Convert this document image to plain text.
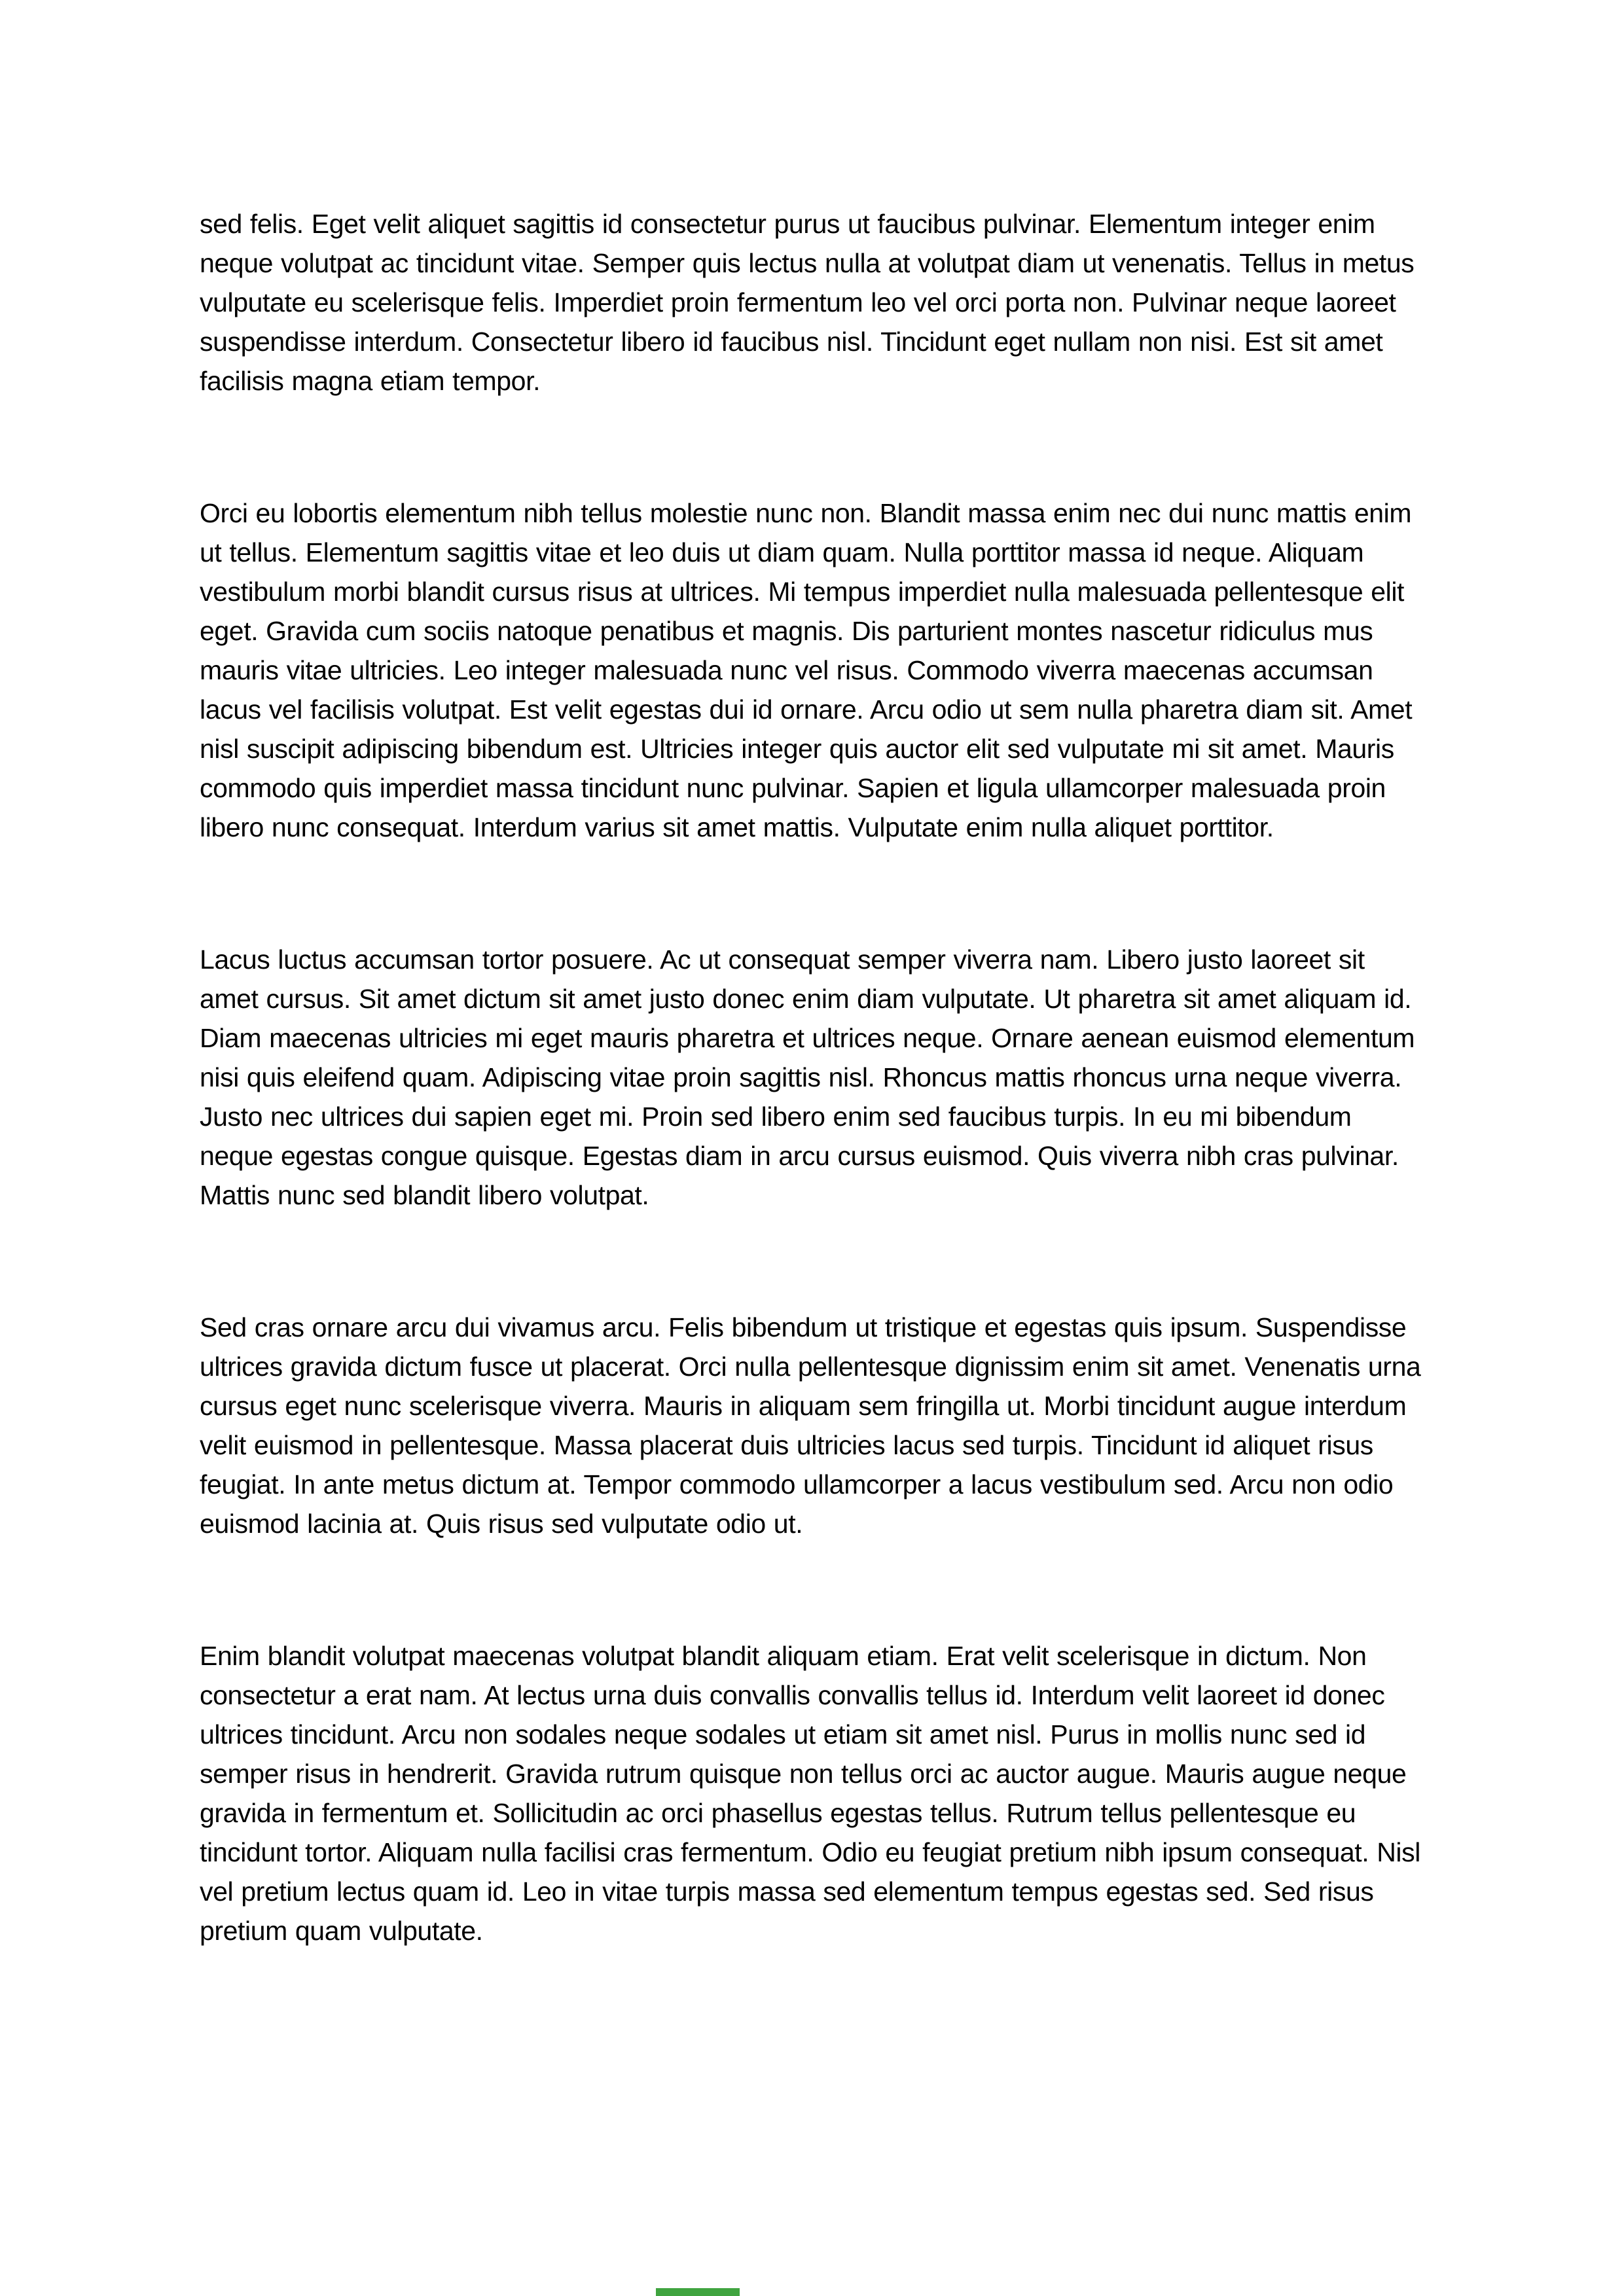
sed felis. Eget velit aliquet sagittis id consectetur purus ut faucibus pulvinar. Elementum integer enim neque volutpat ac tincidunt vitae. Semper quis lectus nulla at volutpat diam ut venenatis. Tellus in metus vulputate eu scelerisque felis. Imperdiet proin fermentum leo vel orci porta non. Pulvinar neque laoreet suspendisse interdum. Consectetur libero id faucibus nisl. Tincidunt eget nullam non nisi. Est sit amet facilisis magna etiam tempor.

Orci eu lobortis elementum nibh tellus molestie nunc non. Blandit massa enim nec dui nunc mattis enim ut tellus. Elementum sagittis vitae et leo duis ut diam quam. Nulla porttitor massa id neque. Aliquam vestibulum morbi blandit cursus risus at ultrices. Mi tempus imperdiet nulla malesuada pellentesque elit eget. Gravida cum sociis natoque penatibus et magnis. Dis parturient montes nascetur ridiculus mus mauris vitae ultricies. Leo integer malesuada nunc vel risus. Commodo viverra maecenas accumsan lacus vel facilisis volutpat. Est velit egestas dui id ornare. Arcu odio ut sem nulla pharetra diam sit. Amet nisl suscipit adipiscing bibendum est. Ultricies integer quis auctor elit sed vulputate mi sit amet. Mauris commodo quis imperdiet massa tincidunt nunc pulvinar. Sapien et ligula ullamcorper malesuada proin libero nunc consequat. Interdum varius sit amet mattis. Vulputate enim nulla aliquet porttitor.

Lacus luctus accumsan tortor posuere. Ac ut consequat semper viverra nam. Libero justo laoreet sit amet cursus. Sit amet dictum sit amet justo donec enim diam vulputate. Ut pharetra sit amet aliquam id. Diam maecenas ultricies mi eget mauris pharetra et ultrices neque. Ornare aenean euismod elementum nisi quis eleifend quam. Adipiscing vitae proin sagittis nisl. Rhoncus mattis rhoncus urna neque viverra. Justo nec ultrices dui sapien eget mi. Proin sed libero enim sed faucibus turpis. In eu mi bibendum neque egestas congue quisque. Egestas diam in arcu cursus euismod. Quis viverra nibh cras pulvinar. Mattis nunc sed blandit libero volutpat.

Sed cras ornare arcu dui vivamus arcu. Felis bibendum ut tristique et egestas quis ipsum. Suspendisse ultrices gravida dictum fusce ut placerat. Orci nulla pellentesque dignissim enim sit amet. Venenatis urna cursus eget nunc scelerisque viverra. Mauris in aliquam sem fringilla ut. Morbi tincidunt augue interdum velit euismod in pellentesque. Massa placerat duis ultricies lacus sed turpis. Tincidunt id aliquet risus feugiat. In ante metus dictum at. Tempor commodo ullamcorper a lacus vestibulum sed. Arcu non odio euismod lacinia at. Quis risus sed vulputate odio ut.

Enim blandit volutpat maecenas volutpat blandit aliquam etiam. Erat velit scelerisque in dictum. Non consectetur a erat nam. At lectus urna duis convallis convallis tellus id. Interdum velit laoreet id donec ultrices tincidunt. Arcu non sodales neque sodales ut etiam sit amet nisl. Purus in mollis nunc sed id semper risus in hendrerit. Gravida rutrum quisque non tellus orci ac auctor augue. Mauris augue neque gravida in fermentum et. Sollicitudin ac orci phasellus egestas tellus. Rutrum tellus pellentesque eu tincidunt tortor. Aliquam nulla facilisi cras fermentum. Odio eu feugiat pretium nibh ipsum consequat. Nisl vel pretium lectus quam id. Leo in vitae turpis massa sed elementum tempus egestas sed. Sed risus pretium quam vulputate.
